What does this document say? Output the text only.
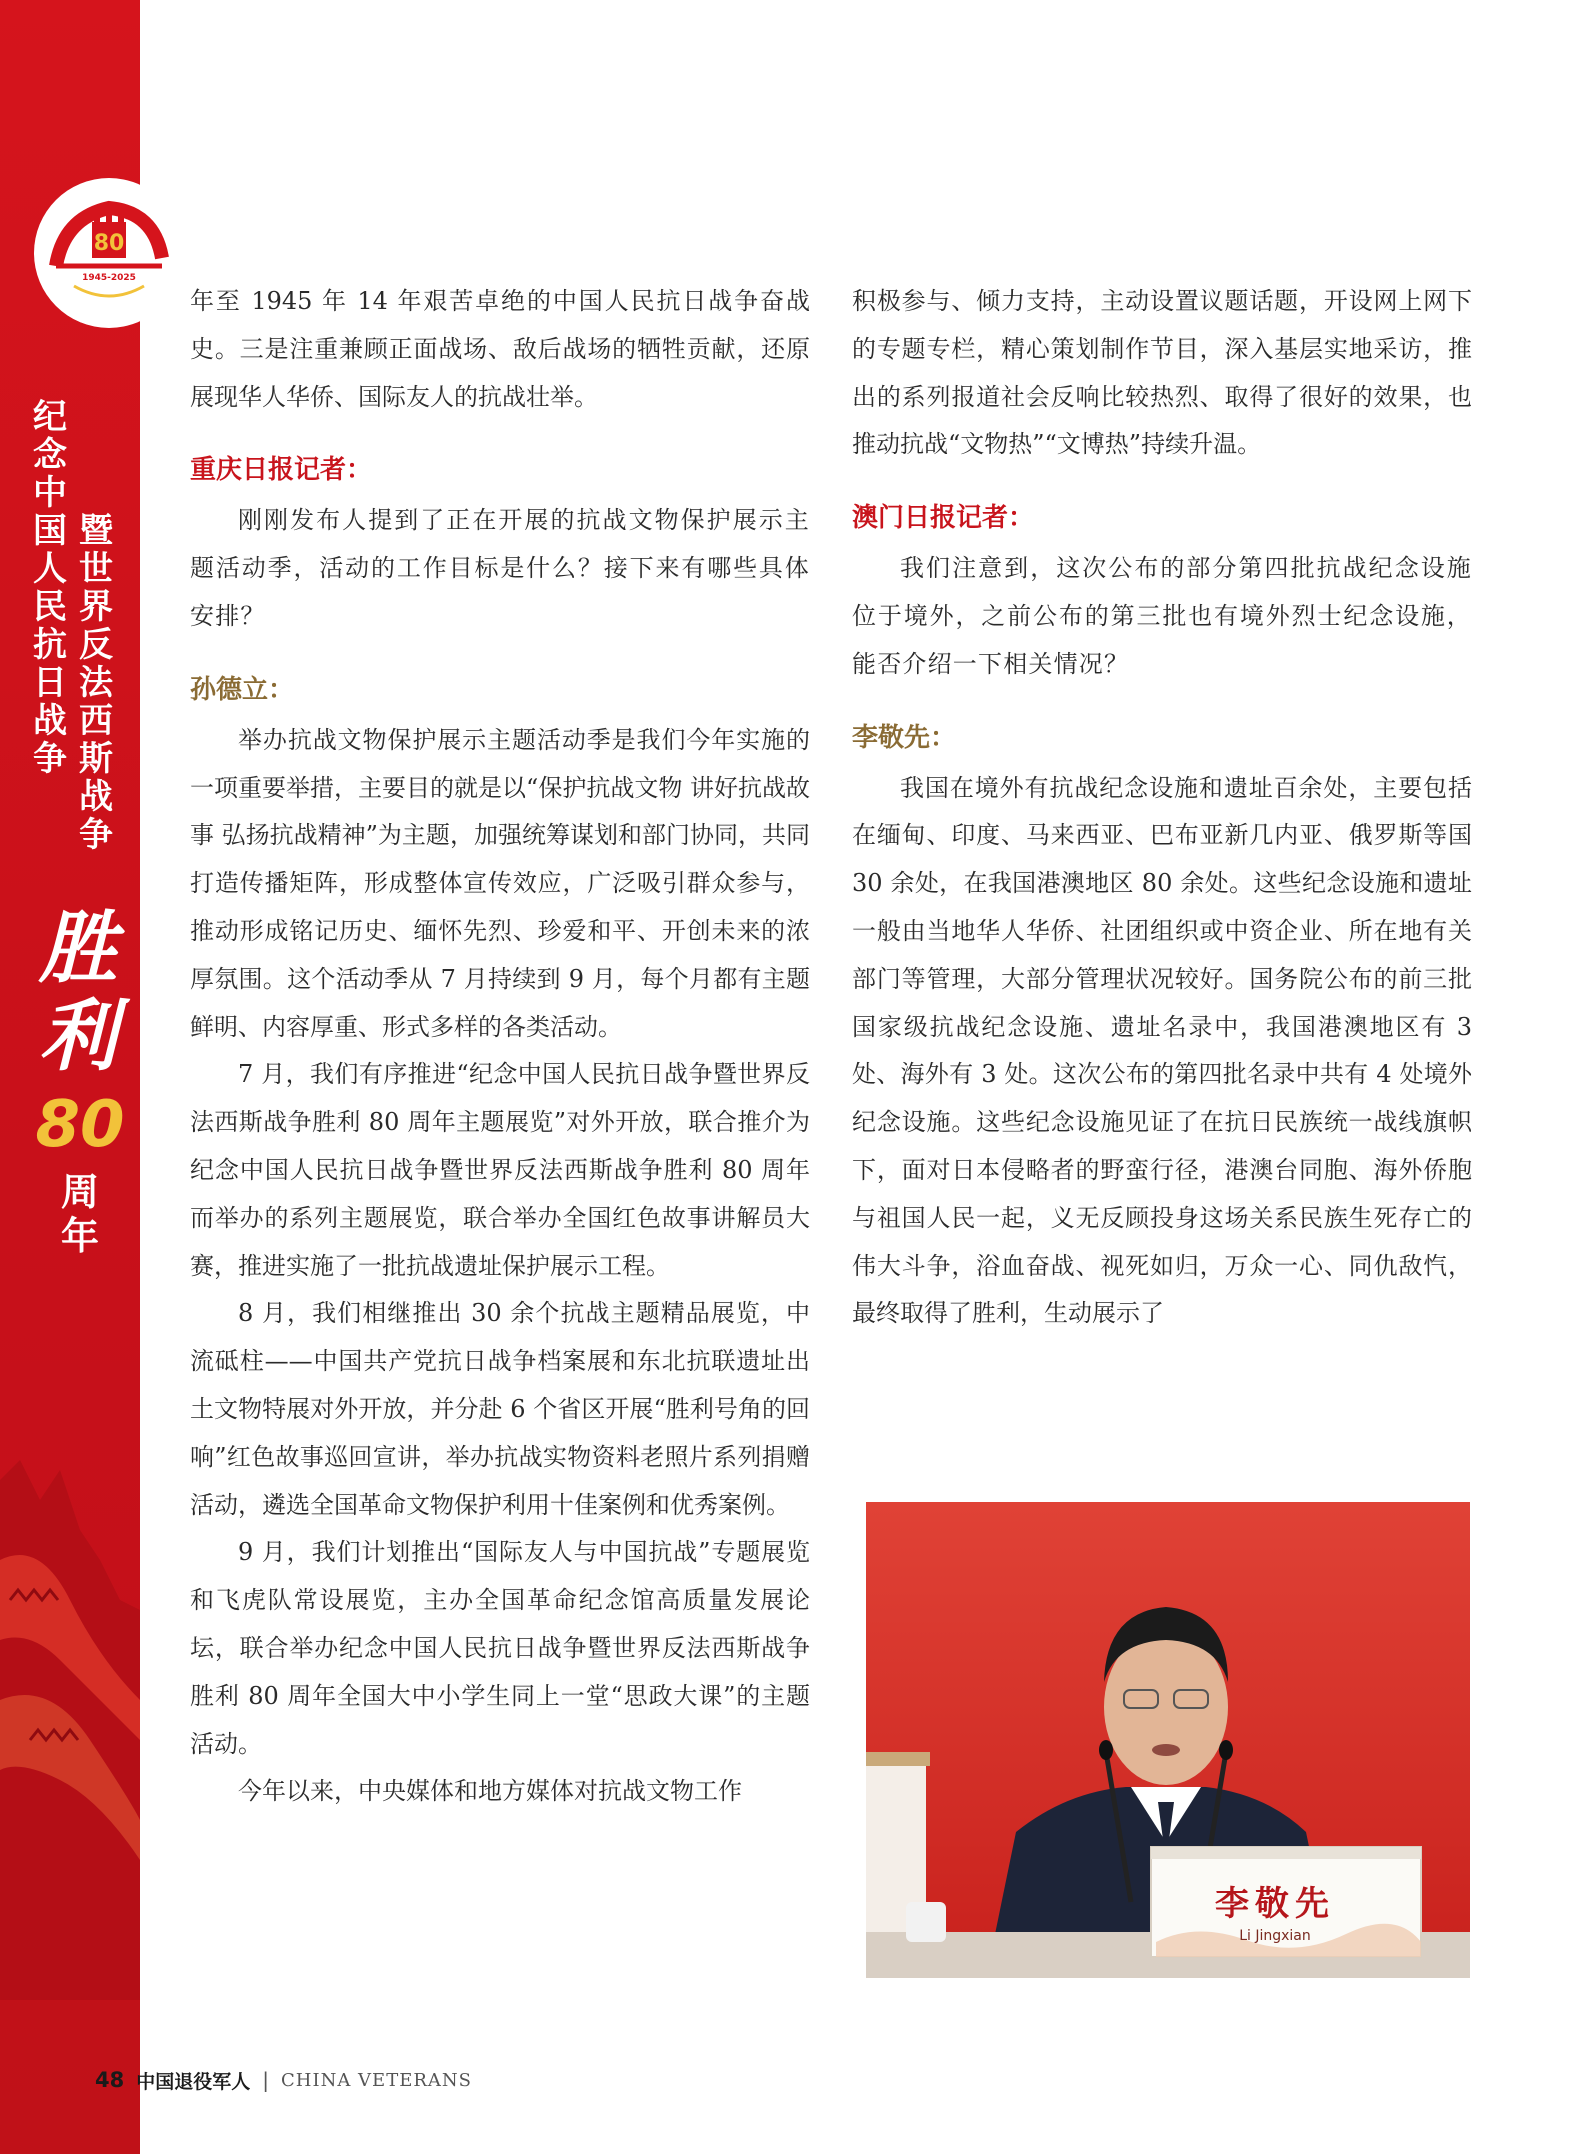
纪念中国人民抗日战争
暨世界反法西斯战争
胜利
80
周年
80
1945-2025

年至 1945 年 14 年艰苦卓绝的中国人民抗日战争奋战史。三是注重兼顾正面战场、敌后战场的牺牲贡献，还原展现华人华侨、国际友人的抗战壮举。

重庆日报记者：

刚刚发布人提到了正在开展的抗战文物保护展示主题活动季，活动的工作目标是什么？接下来有哪些具体安排？

孙德立：

举办抗战文物保护展示主题活动季是我们今年实施的一项重要举措，主要目的就是以“保护抗战文物 讲好抗战故事 弘扬抗战精神”为主题，加强统筹谋划和部门协同，共同打造传播矩阵，形成整体宣传效应，广泛吸引群众参与，推动形成铭记历史、缅怀先烈、珍爱和平、开创未来的浓厚氛围。这个活动季从 7 月持续到 9 月，每个月都有主题鲜明、内容厚重、形式多样的各类活动。

7 月，我们有序推进“纪念中国人民抗日战争暨世界反法西斯战争胜利 80 周年主题展览”对外开放，联合推介为纪念中国人民抗日战争暨世界反法西斯战争胜利 80 周年而举办的系列主题展览，联合举办全国红色故事讲解员大赛，推进实施了一批抗战遗址保护展示工程。

8 月，我们相继推出 30 余个抗战主题精品展览，中流砥柱——中国共产党抗日战争档案展和东北抗联遗址出土文物特展对外开放，并分赴 6 个省区开展“胜利号角的回响”红色故事巡回宣讲，举办抗战实物资料老照片系列捐赠活动，遴选全国革命文物保护利用十佳案例和优秀案例。

9 月，我们计划推出“国际友人与中国抗战”专题展览和飞虎队常设展览，主办全国革命纪念馆高质量发展论坛，联合举办纪念中国人民抗日战争暨世界反法西斯战争胜利 80 周年全国大中小学生同上一堂“思政大课”的主题活动。

今年以来，中央媒体和地方媒体对抗战文物工作

积极参与、倾力支持，主动设置议题话题，开设网上网下的专题专栏，精心策划制作节目，深入基层实地采访，推出的系列报道社会反响比较热烈、取得了很好的效果，也推动抗战“文物热”“文博热”持续升温。

澳门日报记者：

我们注意到，这次公布的部分第四批抗战纪念设施位于境外，之前公布的第三批也有境外烈士纪念设施，能否介绍一下相关情况？

李敬先：

我国在境外有抗战纪念设施和遗址百余处，主要包括在缅甸、印度、马来西亚、巴布亚新几内亚、俄罗斯等国 30 余处，在我国港澳地区 80 余处。这些纪念设施和遗址一般由当地华人华侨、社团组织或中资企业、所在地有关部门等管理，大部分管理状况较好。国务院公布的前三批国家级抗战纪念设施、遗址名录中，我国港澳地区有 3 处、海外有 3 处。这次公布的第四批名录中共有 4 处境外纪念设施。这些纪念设施见证了在抗日民族统一战线旗帜下，面对日本侵略者的野蛮行径，港澳台同胞、海外侨胞与祖国人民一起，义无反顾投身这场关系民族生死存亡的伟大斗争，浴血奋战、视死如归，万众一心、同仇敌忾，最终取得了胜利，生动展示了

李敬先
Li Jingxian
48 中国退役军人 | CHINA VETERANS
